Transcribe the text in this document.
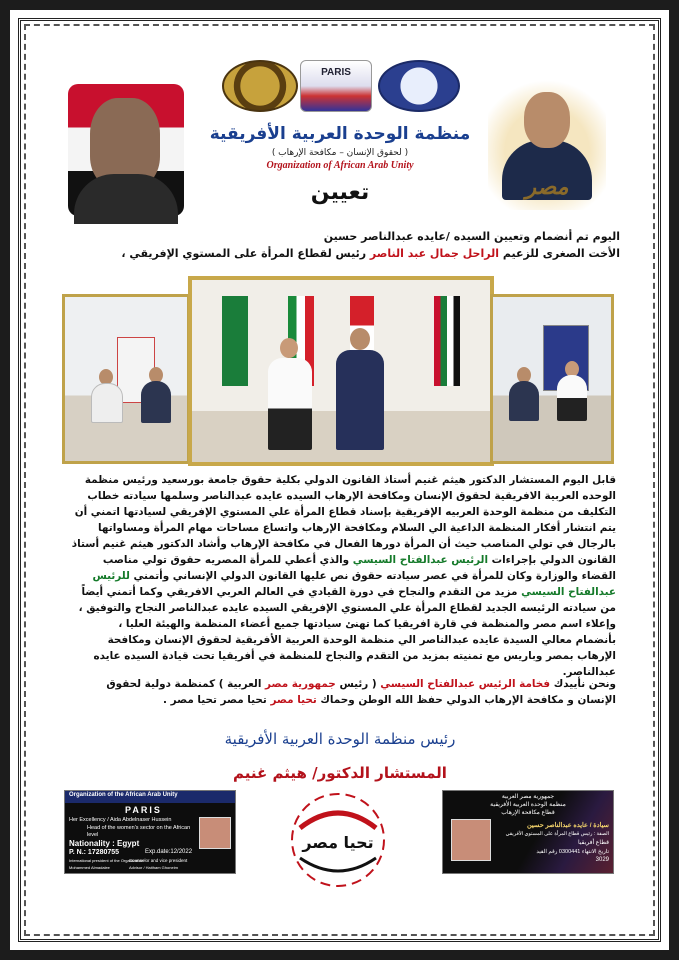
PARIS
مصر
منظمة الوحدة العربية الأفريقية
( لحقوق الإنسان – مكافحة الإرهاب )
Organization of African Arab Unity
تعيين
اليوم تم أنضمام وتعيين السيده /عايده عبدالناصر حسين
الأخت الصغرى للزعيم الراحل جمال عبد الناصر رئيس لقطاع المرأة على المستوي الإفريقي ،
قابل اليوم المستشار الدكتور هيثم غنيم أستاذ القانون الدولي بكلية حقوق جامعة بورسعيد ورئيس منظمة الوحده العربية الافريقية لحقوق الإنسان ومكافحة الإرهاب السيده عايده عبدالناصر وسلمها سيادته خطاب التكليف من منظمة الوحدة العربيه الإفريقية بإسناد قطاع المرأة علي المستوي الإفريقي لسيادتها اتمني أن يتم انتشار أفكار المنظمة الداعية الي السلام ومكافحة الإرهاب واتساع مساحات مهام المرأة ومساواتها بالرجال في تولي المناصب حيث أن المرأة دورها الفعال في مكافحة الإرهاب وأشاد الدكتور هيثم غنيم أستاذ القانون الدولي بإجراءات الرئيس عبدالفتاح السيسي والذي أعطي للمرأة المصريه حقوق تولي مناصب القضاء والوزارة وكان للمرأة في عصر سيادته حقوق نص عليها القانون الدولي الإنساني وأتمني للرئيس عبدالفتاح السيسي مزيد من التقدم والنجاح في دورة القيادي في العالم العربي الافريقي وكما أتمني أيضاً من سيادته الرئيسه الجديد لقطاع المرأة علي المستوي الإفريقي السيده عايده عبدالناصر النجاح والتوفيق ،
وإعلاء اسم مصر والمنظمة في قارة افريقيا كما تهنئ سيادتها جميع أعضاء المنظمة والهيئة العليا ،
بأنضمام معالي السيدة عايده عبدالناصر الي منظمة الوحدة العربية الأفريقية لحقوق الإنسان ومكافحة الإرهاب بمصر وباريس مع تمنيته بمزيد من التقدم والنجاح للمنظمة في أفريقيا تحت قيادة السيده عايده عبدالناصر.
ونحن نأييدك فخامة الرئيس عبدالفتاح السيسي ( رئيس جمهورية مصر العربية ) كمنظمة دولية لحقوق الإنسان و مكافحة الإرهاب الدولي حفظ الله الوطن وحماك تحيا مصر تحيا مصر تحيا مصر .
رئيس منظمة الوحدة العربية الأفريقية
المستشار الدكتور/ هيثم غنيم
Organization of the African Arab Unity
PARIS
Her Excellency / Aida Abdelnaser Hussein
Head of the women's sector on the African level
Nationality : Egypt
P. N.: 17280755	Exp.date:12/2022
International president of the Organization
Mohammed Almadalee
Counselor and vice president
Advisor / Haitham Ghoneim
تحيا مصر
جمهورية مصر العربية
منظمة الوحدة العربية الأفريقية
قطاع مكافحة الإرهاب
سيادة / عايده عبدالناصر حسين
الصفة : رئيس قطاع المرأة على المستوي الأفريقي
قطاع أفريقيا
تاريخ الانتهاء 0300441 رقم القيد
3029
